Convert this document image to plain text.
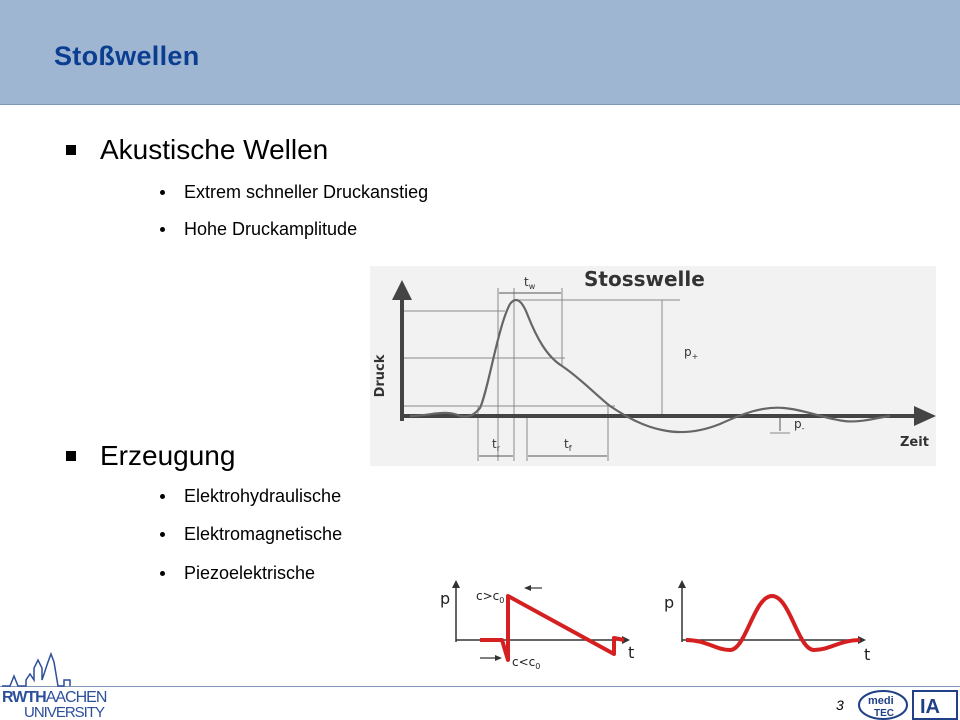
Stoßwellen
Akustische Wellen
Extrem schneller Druckanstieg
Hohe Druckamplitude
Erzeugung
Elektrohydraulische
Elektromagnetische
Piezoelektrische
Stosswelle
Druck
Zeit
$t_w$
$t_r$	$t_f$
$p_+$
$p_-$
p
t
$c>c_0$
$c<c_0$
p
t
RWTHAACHEN
UNIVERSITY	3 medi
TEC IA
